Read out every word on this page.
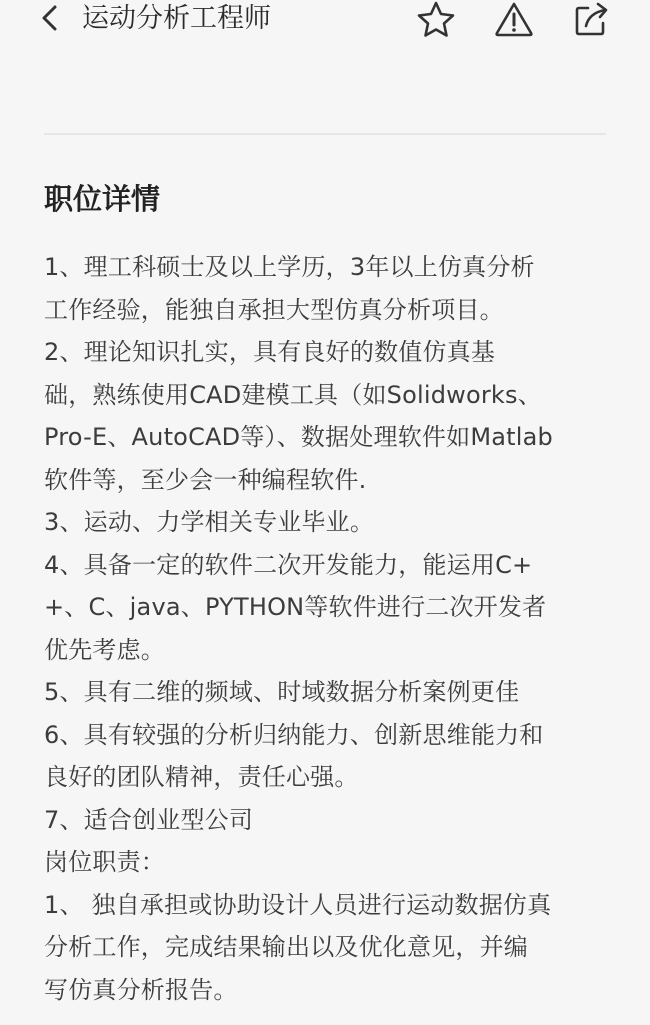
运动分析工程师
职位详情
1、理工科硕士及以上学历，3年以上仿真分析
工作经验，能独自承担大型仿真分析项目。
2、理论知识扎实，具有良好的数值仿真基
础，熟练使用CAD建模工具（如Solidworks、
Pro-E、AutoCAD等）、数据处理软件如Matlab
软件等，至少会一种编程软件.
3、运动、力学相关专业毕业。
4、具备一定的软件二次开发能力，能运用C+
+、C、java、PYTHON等软件进行二次开发者
优先考虑。
5、具有二维的频域、时域数据分析案例更佳
6、具有较强的分析归纳能力、创新思维能力和
良好的团队精神，责任心强。
7、适合创业型公司
岗位职责：
1、 独自承担或协助设计人员进行运动数据仿真
分析工作，完成结果输出以及优化意见，并编
写仿真分析报告。
